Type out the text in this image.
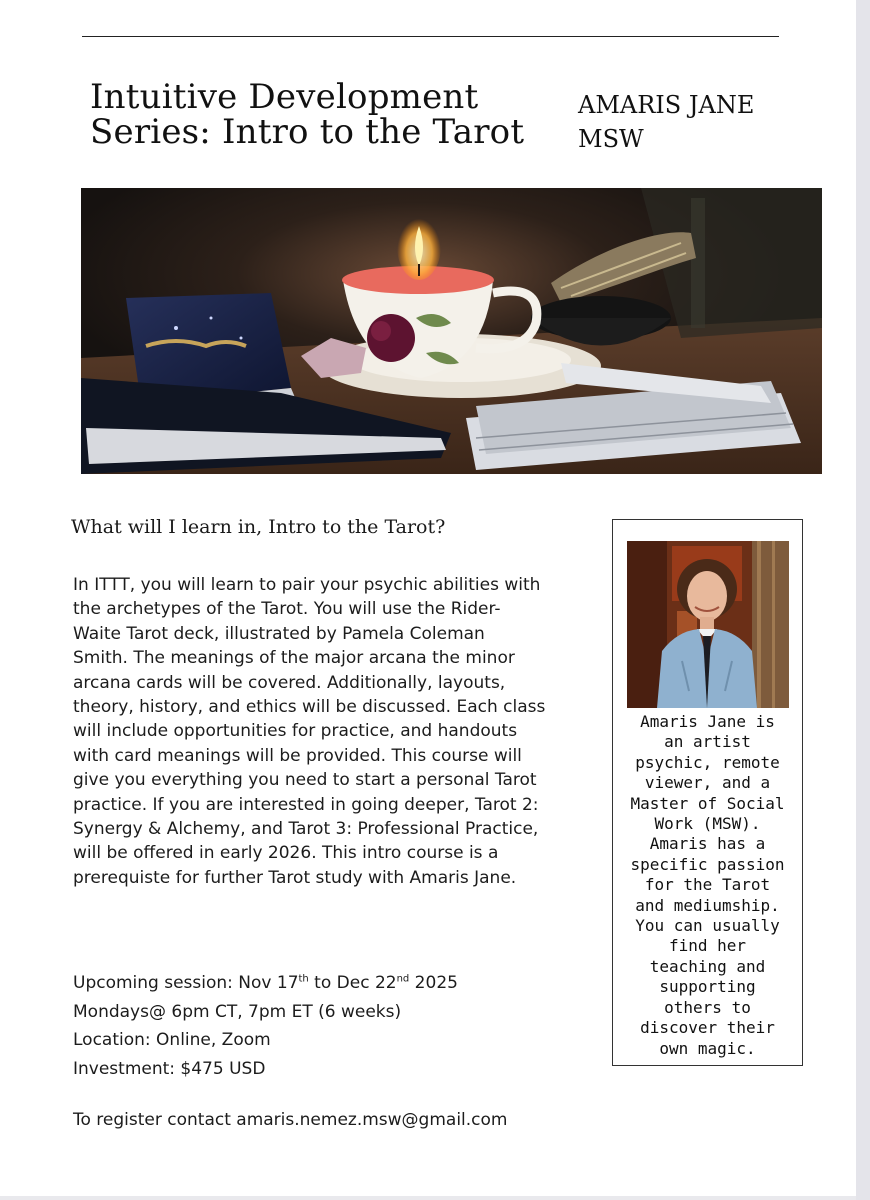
Intuitive Development
Series: Intro to the Tarot
AMARIS JANE
MSW
What will I learn in, Intro to the Tarot?
In ITTT, you will learn to pair your psychic abilities with
the archetypes of the Tarot. You will use the Rider-
Waite Tarot deck, illustrated by Pamela Coleman
Smith. The meanings of the major arcana the minor
arcana cards will be covered. Additionally, layouts,
theory, history, and ethics will be discussed. Each class
will include opportunities for practice, and handouts
with card meanings will be provided. This course will
give you everything you need to start a personal Tarot
practice. If you are interested in going deeper, Tarot 2:
Synergy & Alchemy, and Tarot 3: Professional Practice,
will be offered in early 2026. This intro course is a
prerequiste for further Tarot study with Amaris Jane.
Upcoming session: Nov 17th to Dec 22nd 2025
Mondays@ 6pm CT, 7pm ET (6 weeks)
Location: Online, Zoom
Investment: $475 USD
To register contact amaris.nemez.msw@gmail.com
Amaris Jane is
an artist
psychic, remote
viewer, and a
Master of Social
Work (MSW).
Amaris has a
specific passion
for the Tarot
and mediumship.
You can usually
find her
teaching and
supporting
others to
discover their
own magic.
